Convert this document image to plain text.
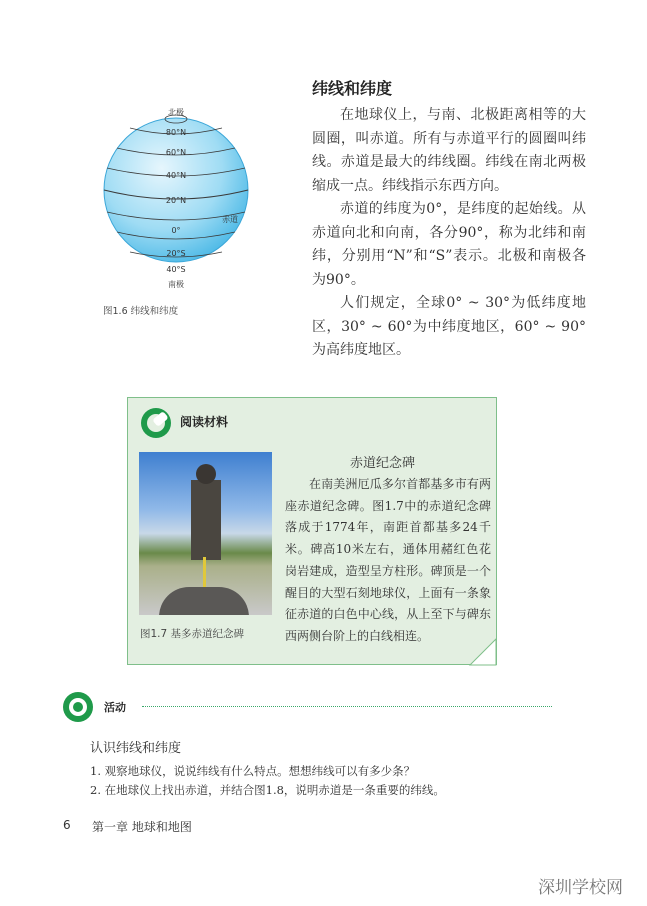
北极
80°N
60°N
40°N
20°N
赤道
0°
20°S
40°S
南极
图1.6 纬线和纬度
纬线和纬度

在地球仪上，与南、北极距离相等的大圆圈，叫赤道。所有与赤道平行的圆圈叫纬线。赤道是最大的纬线圈。纬线在南北两极缩成一点。纬线指示东西方向。

赤道的纬度为0°，是纬度的起始线。从赤道向北和向南，各分90°，称为北纬和南纬，分别用“N”和“S”表示。北极和南极各为90°。

人们规定，全球0° ~ 30°为低纬度地区，30° ~ 60°为中纬度地区，60° ~ 90°为高纬度地区。

阅读材料
图1.7 基多赤道纪念碑
赤道纪念碑

在南美洲厄瓜多尔首都基多市有两座赤道纪念碑。图1.7中的赤道纪念碑落成于1774年，南距首都基多24千米。碑高10米左右，通体用赭红色花岗岩建成，造型呈方柱形。碑顶是一个醒目的大型石刻地球仪，上面有一条象征赤道的白色中心线，从上至下与碑东西两侧台阶上的白线相连。

活动
认识纬线和纬度
1. 观察地球仪，说说纬线有什么特点。想想纬线可以有多少条？
2. 在地球仪上找出赤道，并结合图1.8，说明赤道是一条重要的纬线。
6 第一章 地球和地图
深圳学校网
